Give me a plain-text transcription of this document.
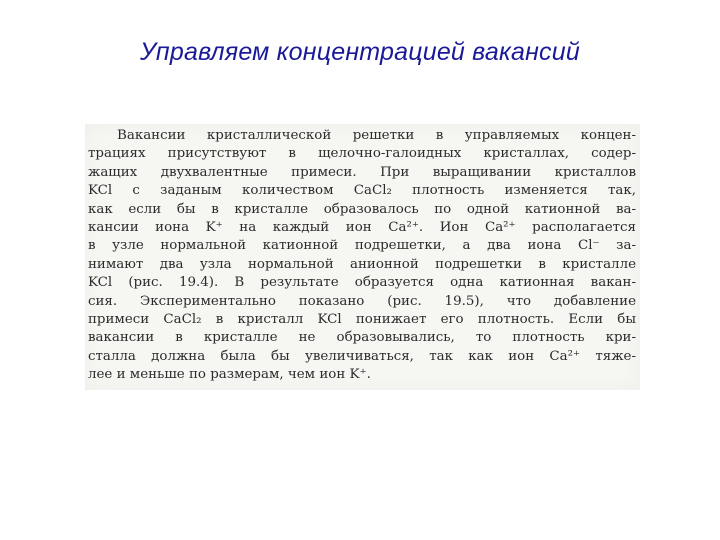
Управляем концентрацией вакансий
Вакансии кристаллической решетки в управляемых концен-
трациях присутствуют в щелочно-галоидных кристаллах, содер-
жащих двухвалентные примеси. При выращивании кристаллов
KCl с заданым количеством CaCl₂ плотность изменяется так,
как если бы в кристалле образовалось по одной катионной ва-
кансии иона K⁺ на каждый ион Ca²⁺. Ион Ca²⁺ располагается
в узле нормальной катионной подрешетки, а два иона Cl⁻ за-
нимают два узла нормальной анионной подрешетки в кристалле
KCl (рис. 19.4). В результате образуется одна катионная вакан-
сия. Экспериментально показано (рис. 19.5), что добавление
примеси CaCl₂ в кристалл KCl понижает его плотность. Если бы
вакансии в кристалле не образовывались, то плотность кри-
сталла должна была бы увеличиваться, так как ион Ca²⁺ тяже-
лее и меньше по размерам, чем ион K⁺.
